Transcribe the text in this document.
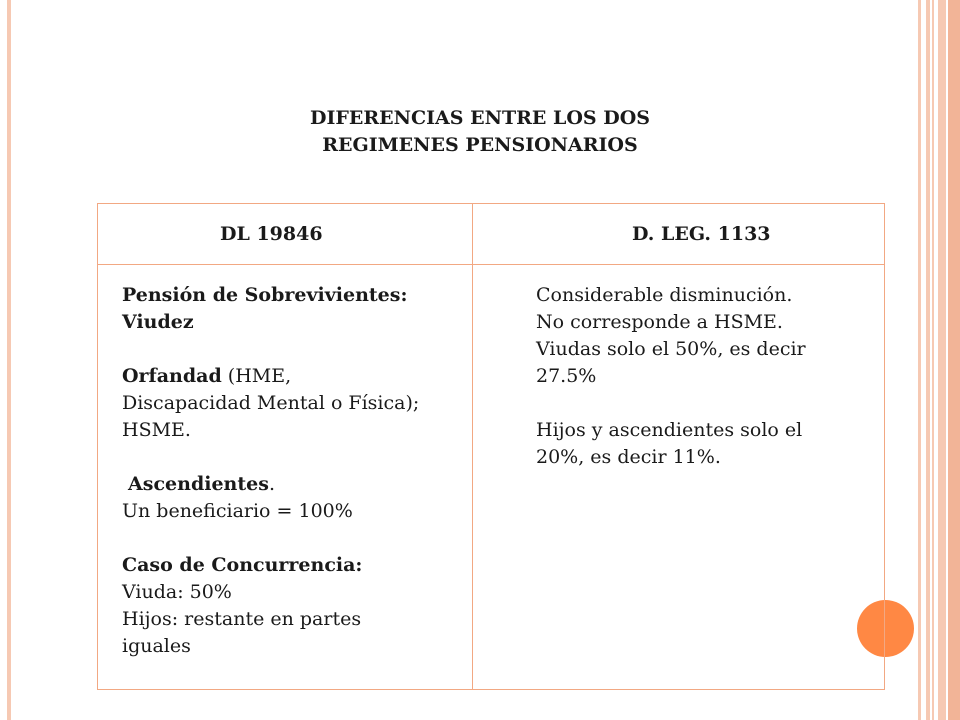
DIFERENCIAS ENTRE LOS DOS
REGIMENES PENSIONARIOS
DL 19846	D. LEG. 1133

Pensión de Sobrevivientes:

Viudez

Orfandad (HME,

Discapacidad Mental o Física);

HSME.

Ascendientes.

Un beneficiario = 100%

Caso de Concurrencia:

Viuda: 50%

Hijos: restante en partes

iguales

Considerable disminución.

No corresponde a HSME.

Viudas solo el 50%, es decir

27.5%

Hijos y ascendientes solo el

20%, es decir 11%.
